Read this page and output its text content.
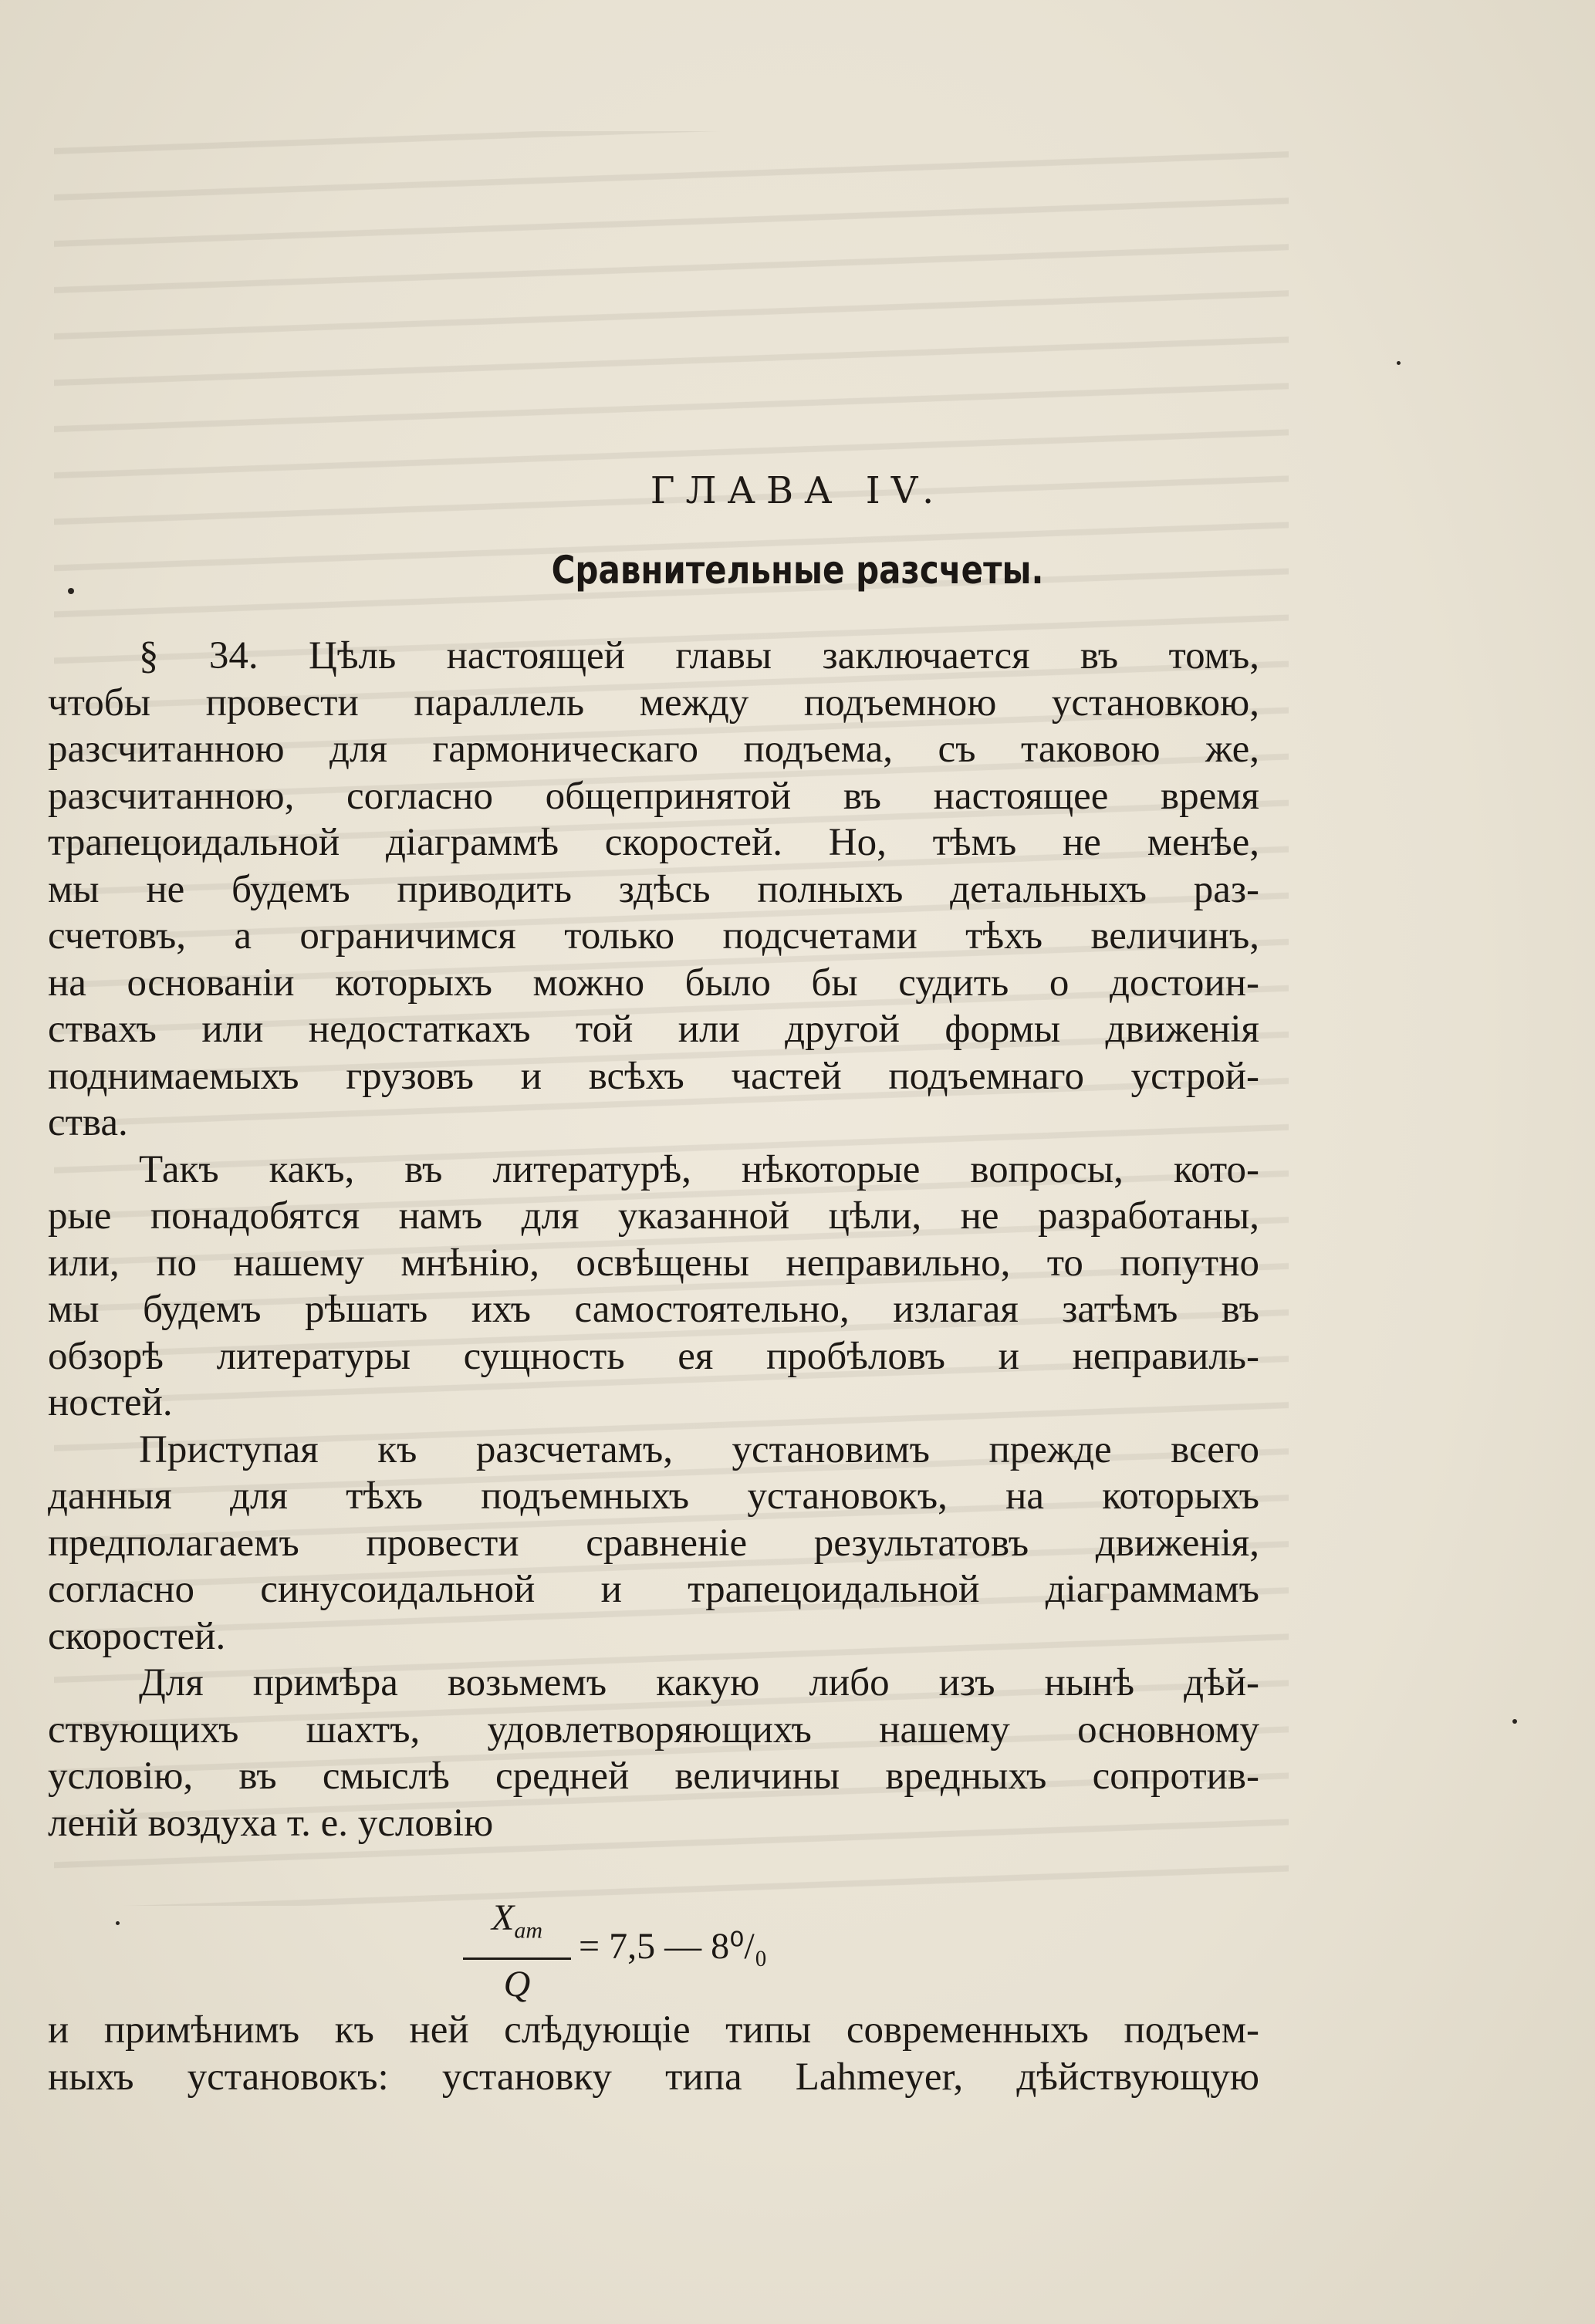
ГЛАВА IV.
Сравнительные разсчеты.
§ 34. Цѣль настоящей главы заключается въ томъ,
чтобы провести параллель между подъемною установкою,
разсчитанною для гармоническаго подъема, съ таковою же,
разсчитанною, согласно общепринятой въ настоящее время
трапецоидальной діаграммѣ скоростей. Но, тѣмъ не менѣе,
мы не будемъ приводить здѣсь полныхъ детальныхъ раз-
счетовъ, а ограничимся только подсчетами тѣхъ величинъ,
на основаніи которыхъ можно было бы судить о достоин-
ствахъ или недостаткахъ той или другой формы движенія
поднимаемыхъ грузовъ и всѣхъ частей подъемнаго устрой-
ства.
Такъ какъ, въ литературѣ, нѣкоторые вопросы, кото-
рые понадобятся намъ для указанной цѣли, не разработаны,
или, по нашему мнѣнію, освѣщены неправильно, то попутно
мы будемъ рѣшать ихъ самостоятельно, излагая затѣмъ въ
обзорѣ литературы сущность ея пробѣловъ и неправиль-
ностей.
Приступая къ разсчетамъ, установимъ прежде всего
данныя для тѣхъ подъемныхъ установокъ, на которыхъ
предполагаемъ провести сравненіе результатовъ движенія,
согласно синусоидальной и трапецоидальной діаграммамъ
скоростей.
Для примѣра возьмемъ какую либо изъ нынѣ дѣй-
ствующихъ шахтъ, удовлетворяющихъ нашему основному
условію, въ смыслѣ средней величины вредныхъ сопротив-
леній воздуха т. е. условію
$X_{am}$
Q
= 7,5 — 8⁰/₀
и примѣнимъ къ ней слѣдующіе типы современныхъ подъем-
ныхъ установокъ: установку типа Lahmeyer, дѣйствующую
